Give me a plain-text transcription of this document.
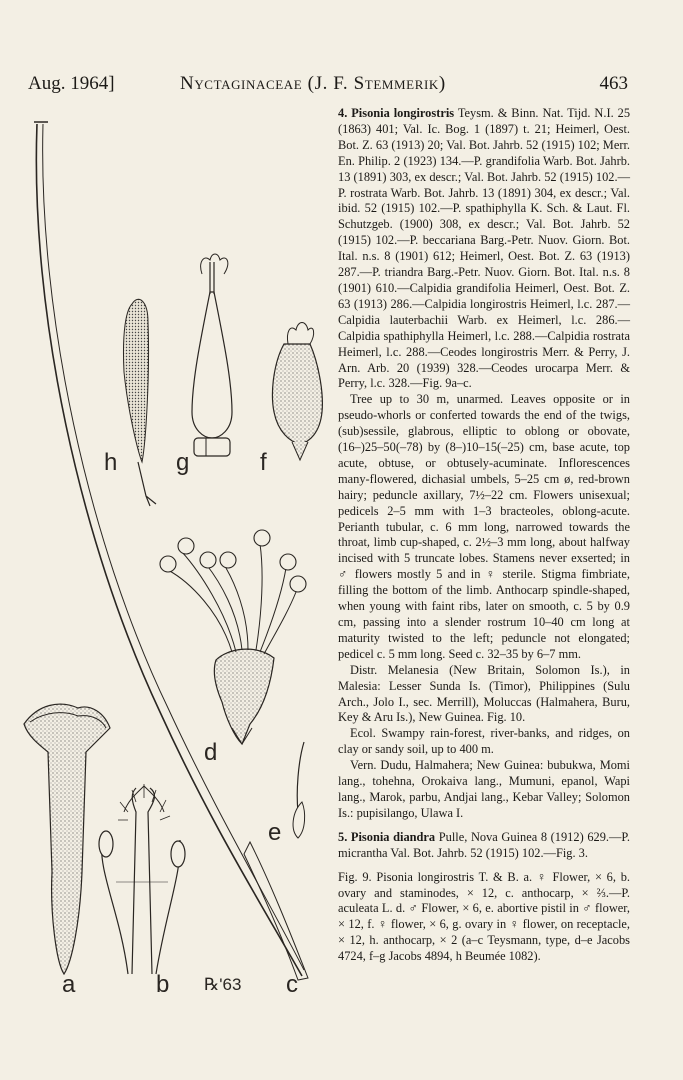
Aug. 1964]	Nyctaginaceae (J. F. Stemmerik)	463
h g	f
d
e
a	b ℞'63 c

4. Pisonia longirostris Teysm. & Binn. Nat. Tijd. N.I. 25 (1863) 401; Val. Ic. Bog. 1 (1897) t. 21; Heimerl, Oest. Bot. Z. 63 (1913) 20; Val. Bot. Jahrb. 52 (1915) 102; Merr. En. Philip. 2 (1923) 134.—P. grandifolia Warb. Bot. Jahrb. 13 (1891) 303, ex descr.; Val. Bot. Jahrb. 52 (1915) 102.—P. rostrata Warb. Bot. Jahrb. 13 (1891) 304, ex descr.; Val. ibid. 52 (1915) 102.—P. spathiphylla K. Sch. & Laut. Fl. Schutzgeb. (1900) 308, ex descr.; Val. Bot. Jahrb. 52 (1915) 102.—P. beccariana Barg.-Petr. Nuov. Giorn. Bot. Ital. n.s. 8 (1901) 612; Heimerl, Oest. Bot. Z. 63 (1913) 287.—P. triandra Barg.-Petr. Nuov. Giorn. Bot. Ital. n.s. 8 (1901) 610.—Calpidia grandifolia Heimerl, Oest. Bot. Z. 63 (1913) 286.—Calpidia longirostris Heimerl, l.c. 287.—Calpidia lauterbachii Warb. ex Heimerl, l.c. 286.—Calpidia spathiphylla Heimerl, l.c. 288.—Calpidia rostrata Heimerl, l.c. 288.—Ceodes longirostris Merr. & Perry, J. Arn. Arb. 20 (1939) 328.—Ceodes urocarpa Merr. & Perry, l.c. 328.—Fig. 9a–c.

Tree up to 30 m, unarmed. Leaves opposite or in pseudo-whorls or conferted towards the end of the twigs, (sub)sessile, glabrous, elliptic to oblong or obovate, (16–)25–50(–78) by (8–)10–15(–25) cm, base acute, top acute, obtuse, or obtusely-acuminate. Inflorescences many-flowered, dichasial umbels, 5–25 cm ø, red-brown hairy; peduncle axillary, 7½–22 cm. Flowers unisexual; pedicels 2–5 mm with 1–3 bracteoles, oblong-acute. Perianth tubular, c. 6 mm long, narrowed towards the throat, limb cup-shaped, c. 2½–3 mm long, about halfway incised with 5 truncate lobes. Stamens never exserted; in ♂ flowers mostly 5 and in ♀ sterile. Stigma fimbriate, filling the bottom of the limb. Anthocarp spindle-shaped, when young with faint ribs, later on smooth, c. 5 by 0.9 cm, passing into a slender rostrum 10–40 cm long at maturity twisted to the left; peduncle not elongated; pedicel c. 5 mm long. Seed c. 32–35 by 6–7 mm.

Distr. Melanesia (New Britain, Solomon Is.), in Malesia: Lesser Sunda Is. (Timor), Philippines (Sulu Arch., Jolo I., sec. Merrill), Moluccas (Halmahera, Buru, Key & Aru Is.), New Guinea. Fig. 10.

Ecol. Swampy rain-forest, river-banks, and ridges, on clay or sandy soil, up to 400 m.

Vern. Dudu, Halmahera; New Guinea: bubukwa, Momi lang., tohehna, Orokaiva lang., Mumuni, epanol, Wapi lang., Marok, parbu, Andjai lang., Kebar Valley; Solomon Is.: pupisilango, Ulawa I.

5. Pisonia diandra Pulle, Nova Guinea 8 (1912) 629.—P. micrantha Val. Bot. Jahrb. 52 (1915) 102.—Fig. 3.

Fig. 9. Pisonia longirostris T. & B. a. ♀ Flower, × 6, b. ovary and staminodes, × 12, c. anthocarp, × ⅔.—P. aculeata L. d. ♂ Flower, × 6, e. abortive pistil in ♂ flower, × 12, f. ♀ flower, × 6, g. ovary in ♀ flower, on receptacle, × 12, h. anthocarp, × 2 (a–c Teysmann, type, d–e Jacobs 4724, f–g Jacobs 4894, h Beumée 1082).
